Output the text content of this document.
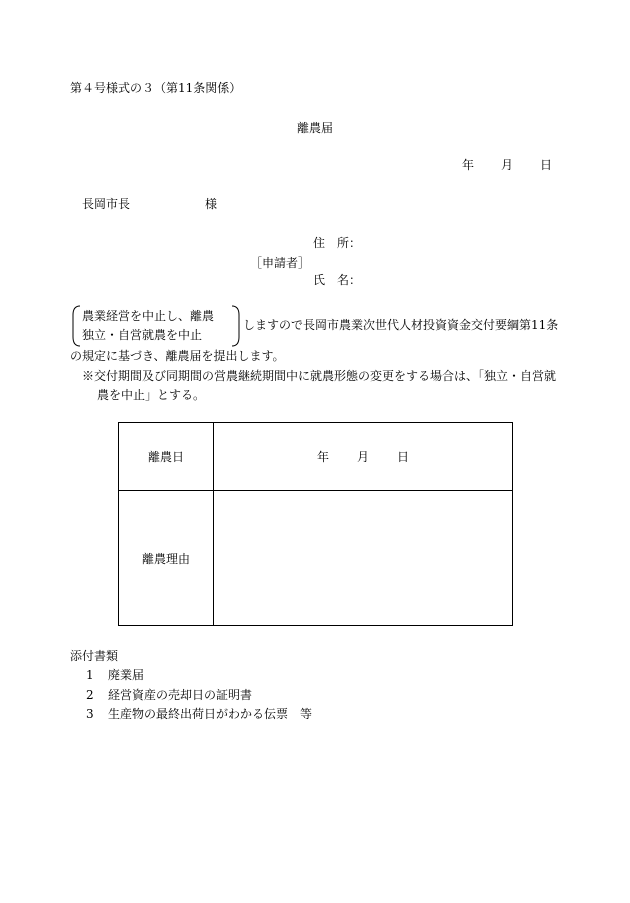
第４号様式の３（第11条関係）
離農届
年 月 日
長岡市長	様
住　所：
［申請者］
氏　名：
農業経営を中止し、離農
独立・自営就農を中止
しますので長岡市農業次世代人材投資資金交付要綱第11条
の規定に基づき、離農届を提出します。
※交付期間及び同期間の営農継続期間中に就農形態の変更をする場合は、「独立・自営就
農を中止」とする。
離農日	年 月 日
離農理由	
添付書類
1 廃業届
2 経営資産の売却日の証明書
3 生産物の最終出荷日がわかる伝票　等
